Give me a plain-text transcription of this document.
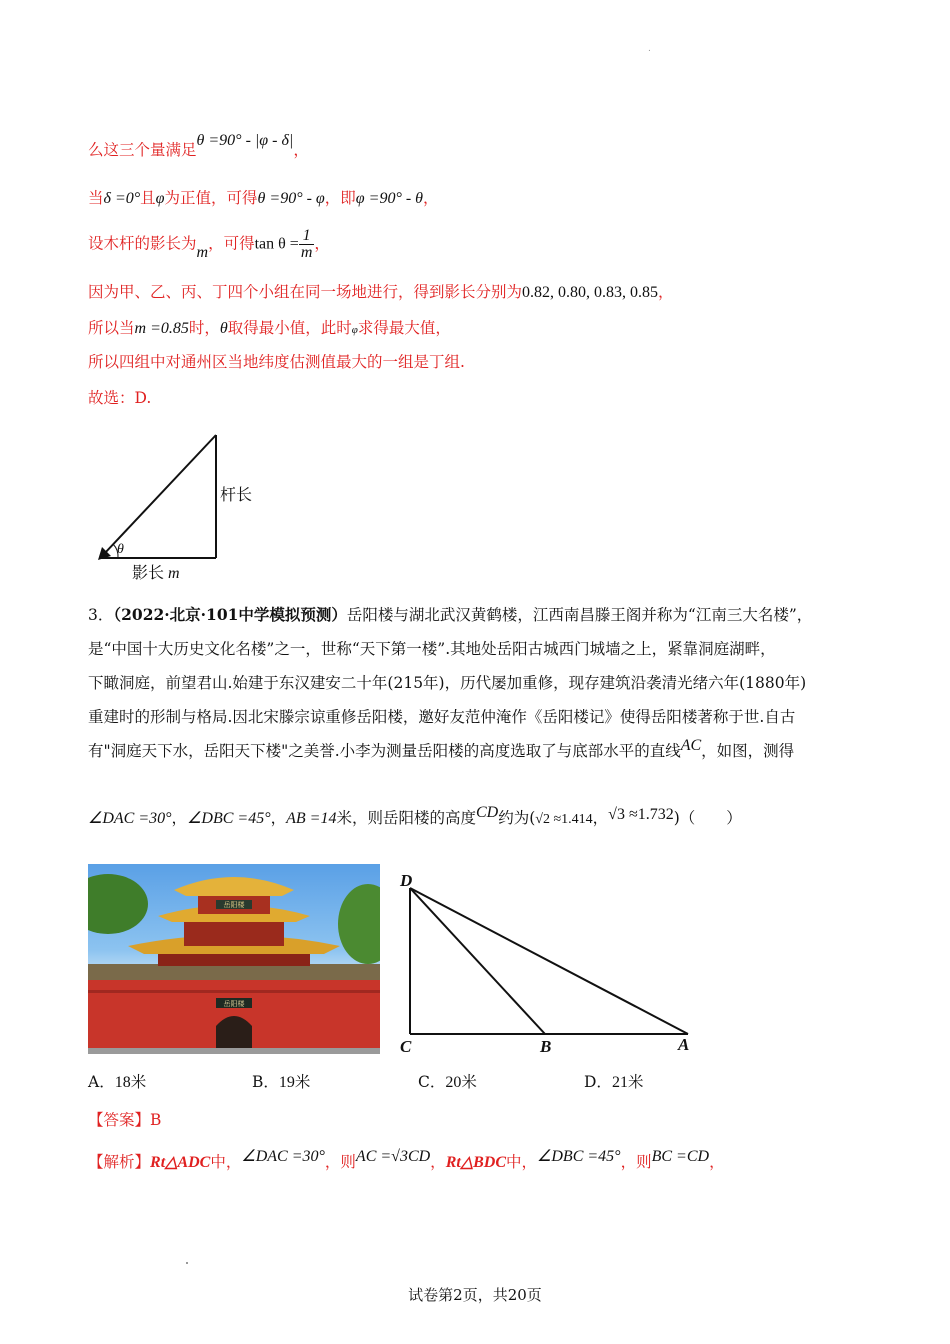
.
么这三个量满足θ =90° - |φ - δ|，
当δ =0°且φ为正值，可得θ =90° - φ，即φ =90° - θ，
设木杆的影长为m，可得$\tan \theta = \frac{1}{m}$ ，
因为甲、乙、丙、丁四个小组在同一场地进行，得到影长分别为0.82, 0.80, 0.83, 0.85，
所以当m =0.85时，θ取得最小值，此时φ求得最大值，
所以四组中对通州区当地纬度估测值最大的一组是丁组.
故选：D.
θ
杆长
影长 m
3．（2022·北京·101中学模拟预测）岳阳楼与湖北武汉黄鹤楼，江西南昌滕王阁并称为“江南三大名楼”，
是“中国十大历史文化名楼”之一，世称“天下第一楼”.其地处岳阳古城西门城墙之上，紧靠洞庭湖畔，
下瞰洞庭，前望君山.始建于东汉建安二十年(215年)，历代屡加重修，现存建筑沿袭清光绪六年(1880年)
重建时的形制与格局.因北宋滕宗谅重修岳阳楼，邀好友范仲淹作《岳阳楼记》使得岳阳楼著称于世.自古
有"洞庭天下水，岳阳天下楼"之美誉.小李为测量岳阳楼的高度选取了与底部水平的直线AC，如图，测得
∠DAC =30°，∠DBC =45°，AB =14米，则岳阳楼的高度CD约为(√2 ≈1.414，√3 ≈1.732)（　　）
岳阳楼
岳阳楼
D
C	B	A
A．18米	B．19米	C．20米	D．21米
【答案】B
【解析】Rt△ADC中，∠DAC =30°，则AC =√3CD，Rt△BDC中，∠DBC =45°，则BC =CD，
试卷第2页，共20页
